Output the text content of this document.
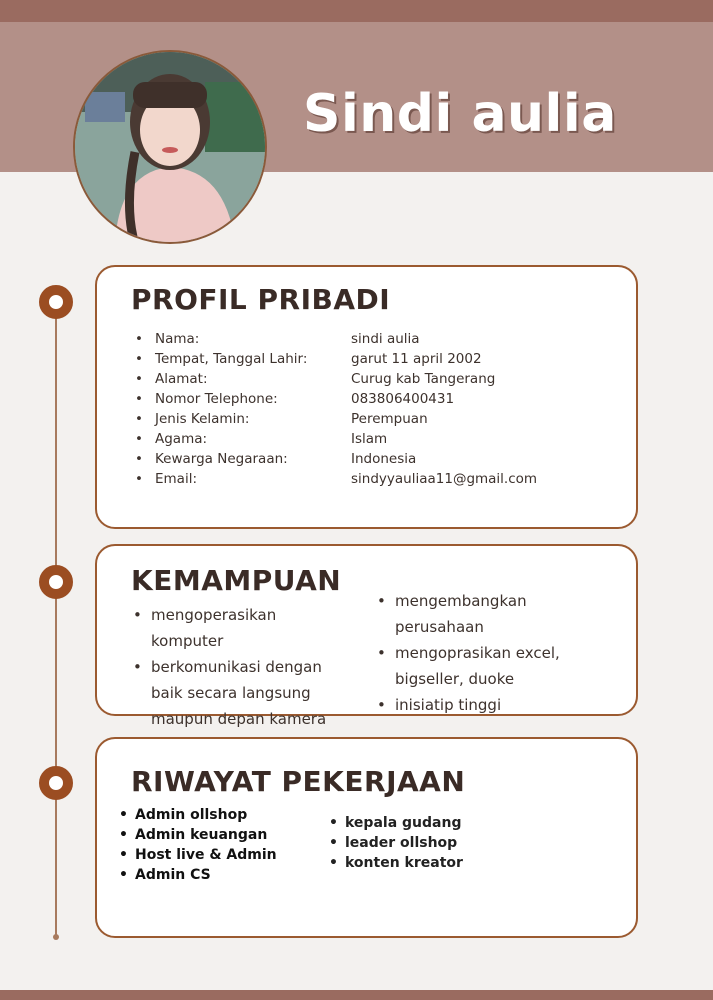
Sindi aulia
PROFIL PRIBADI
• Nama:	sindi aulia
• Tempat, Tanggal Lahir:	garut 11 april 2002
• Alamat:	Curug kab Tangerang
• Nomor Telephone:	083806400431
• Jenis Kelamin:	Perempuan
• Agama:	Islam
• Kewarga Negaraan:	Indonesia
• Email:	sindyyauliaa11@gmail.com
KEMAMPUAN
• mengoperasikan komputer
• berkomunikasi dengan baik secara langsung maupun depan kamera
• mengembangkan perusahaan
• mengoprasikan excel, bigseller, duoke
• inisiatip tinggi
RIWAYAT PEKERJAAN
• Admin ollshop
• Admin keuangan
• Host live & Admin
• Admin CS
• kepala gudang
• leader ollshop
• konten kreator
